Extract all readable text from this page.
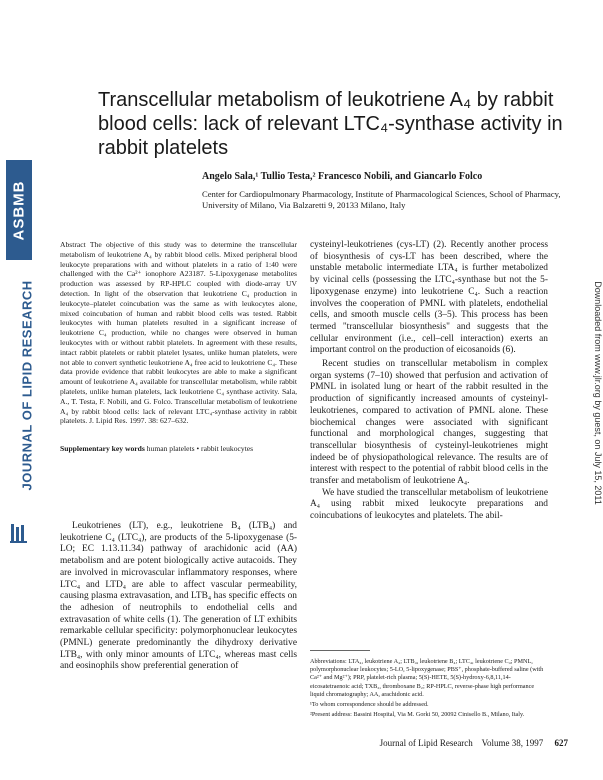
ASBMB
JOURNAL OF LIPID RESEARCH	Downloaded from www.jlr.org by guest, on July 15, 2011
Transcellular metabolism of leukotriene A₄ by rabbit blood cells: lack of relevant LTC₄-synthase activity in rabbit platelets
Angelo Sala,¹ Tullio Testa,² Francesco Nobili, and Giancarlo Folco
Center for Cardiopulmonary Pharmacology, Institute of Pharmacological Sciences, School of Pharmacy, University of Milano, Via Balzaretti 9, 20133 Milano, Italy

Abstract The objective of this study was to determine the transcellular metabolism of leukotriene A₄ by rabbit blood cells. Mixed peripheral blood leukocyte preparations with and without platelets in a ratio of 1:40 were challenged with the Ca²⁺ ionophore A23187. 5-Lipoxygenase metabolites production was assessed by RP-HPLC coupled with diode-array UV detection. In light of the observation that leukotriene C₄ production in leukocyte–platelet coincubation was the same as with leukocytes alone, mixed coincubation of human and rabbit blood cells was tested. Rabbit leukocytes with human platelets resulted in a significant increase of leukotriene C₄ production, while no changes were observed in human leukocytes with or without rabbit platelets. In agreement with these results, intact rabbit platelets or rabbit platelet lysates, unlike human platelets, were not able to convert synthetic leukotriene A₄ free acid to leukotriene C₄. These data provide evidence that rabbit leukocytes are able to make a significant amount of leukotriene A₄ available for transcellular metabolism, while rabbit platelets, unlike human platelets, lack leukotriene C₄ synthase activity. Sala, A., T. Testa, F. Nobili, and G. Folco. Transcellular metabolism of leukotriene A₄ by rabbit blood cells: lack of relevant LTC₄-synthase activity in rabbit platelets. J. Lipid Res. 1997. 38: 627–632.

Supplementary key words human platelets • rabbit leukocytes

Leukotrienes (LT), e.g., leukotriene B₄ (LTB₄) and leukotriene C₄ (LTC₄), are products of the 5-lipoxygenase (5-LO; EC 1.13.11.34) pathway of arachidonic acid (AA) metabolism and are potent biologically active autacoids. They are involved in microvascular inflammatory responses, where LTC₄ and LTD₄ are able to affect vascular permeability, causing plasma extravasation, and LTB₄ has specific effects on the adhesion of neutrophils to endothelial cells and extravasation of white cells (1). The generation of LT exhibits remarkable cellular specificity: polymorphonuclear leukocytes (PMNL) generate predominantly the dihydroxy derivative LTB₄, with only minor amounts of LTC₄, whereas mast cells and eosinophils show preferential generation of

cysteinyl-leukotrienes (cys-LT) (2). Recently another process of biosynthesis of cys-LT has been described, where the unstable metabolic intermediate LTA₄ is further metabolized by vicinal cells (possessing the LTC₄-synthase but not the 5-lipoxygenase enzyme) into leukotriene C₄. Such a reaction involves the cooperation of PMNL with platelets, endothelial cells, and smooth muscle cells (3–5). This process has been termed "transcellular biosynthesis" and suggests that the cellular environment (i.e., cell–cell interaction) exerts an important control on the production of eicosanoids (6).

Recent studies on transcellular metabolism in complex organ systems (7–10) showed that perfusion and activation of PMNL in isolated lung or heart of the rabbit resulted in the production of significantly increased amounts of cysteinyl-leukotrienes, compared to activation of PMNL alone. These biochemical changes were associated with significant functional and morphological changes, suggesting that transcellular biosynthesis of cysteinyl-leukotrienes might indeed be of physiopathological relevance. The results are of interest with respect to the potential of rabbit blood cells in the transfer and metabolism of leukotriene A₄.

We have studied the transcellular metabolism of leukotriene A₄ using rabbit mixed leukocyte preparations and coincubations of leukocytes and platelets. The abil-

Abbreviations: LTA₄, leukotriene A₄; LTB₄, leukotriene B₄; LTC₄, leukotriene C₄; PMNL, polymorphonuclear leukocytes; 5-LO, 5-lipoxygenase; PBS⁺, phosphate-buffered saline (with Ca²⁺ and Mg²⁺); PRP, platelet-rich plasma; 5(S)-HETE, 5(S)-hydroxy-6,8,11,14-eicosatetraenoic acid; TXB₂, thromboxane B₂; RP-HPLC, reverse-phase high performance liquid chromatography; AA, arachidonic acid.

¹To whom correspondence should be addressed.

²Present address: Bassini Hospital, Via M. Gorki 50, 20092 Cinisello B., Milano, Italy.

Journal of Lipid Research Volume 38, 1997 627
